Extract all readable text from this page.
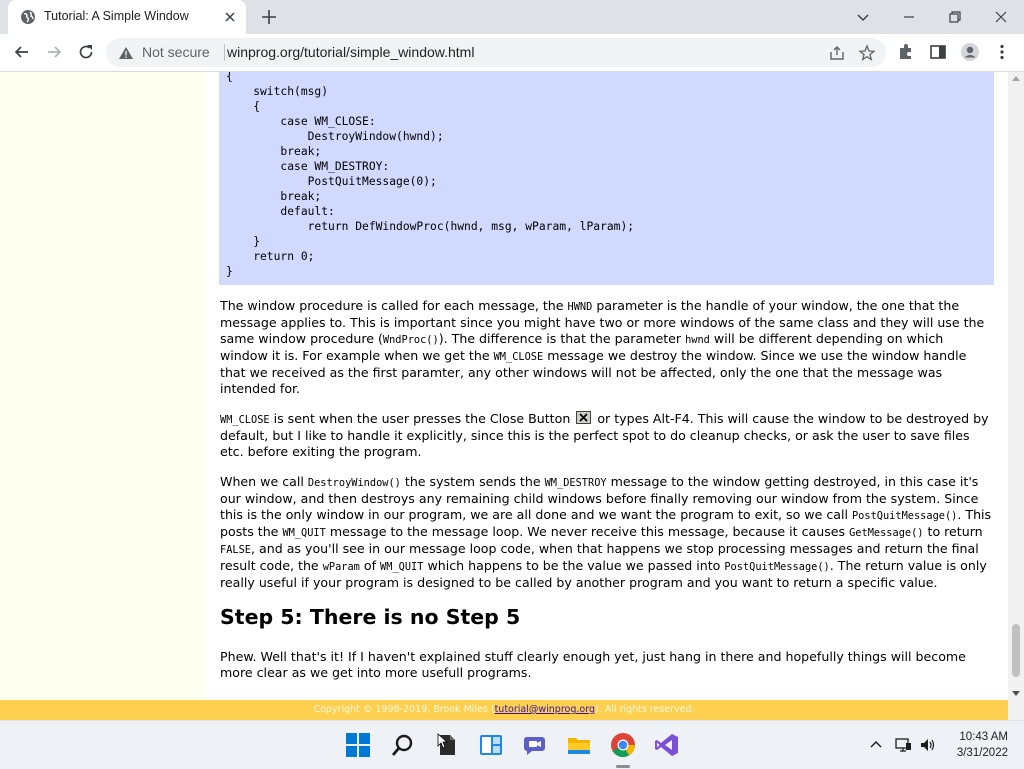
Tutorial: A Simple Window
Not secure winprog.org/tutorial/simple_window.html
{
switch(msg)
{
case WM_CLOSE:
DestroyWindow(hwnd);
break;
case WM_DESTROY:
PostQuitMessage(0);
break;
default:
return DefWindowProc(hwnd, msg, wParam, lParam);
}
return 0;
}

The window procedure is called for each message, the HWND parameter is the handle of your window, the one that the message applies to. This is important since you might have two or more windows of the same class and they will use the same window procedure (WndProc()). The difference is that the parameter hwnd will be different depending on which window it is. For example when we get the WM_CLOSE message we destroy the window. Since we use the window handle that we received as the first paramter, any other windows will not be affected, only the one that the message was intended for.

WM_CLOSE is sent when the user presses the Close Button  or types Alt-F4. This will cause the window to be destroyed by default, but I like to handle it explicitly, since this is the perfect spot to do cleanup checks, or ask the user to save files etc. before exiting the program.

When we call DestroyWindow() the system sends the WM_DESTROY message to the window getting destroyed, in this case it's our window, and then destroys any remaining child windows before finally removing our window from the system. Since this is the only window in our program, we are all done and we want the program to exit, so we call PostQuitMessage(). This posts the WM_QUIT message to the message loop. We never receive this message, because it causes GetMessage() to return FALSE, and as you'll see in our message loop code, when that happens we stop processing messages and return the final result code, the wParam of WM_QUIT which happens to be the value we passed into PostQuitMessage(). The return value is only really useful if your program is designed to be called by another program and you want to return a specific value.

Step 5: There is no Step 5

Phew. Well that's it! If I haven't explained stuff clearly enough yet, just hang in there and hopefully things will become more clear as we get into more usefull programs.

Copyright © 1998-2019, Brook Miles (tutorial@winprog.org). All rights reserved.
10:43 AM
3/31/2022
